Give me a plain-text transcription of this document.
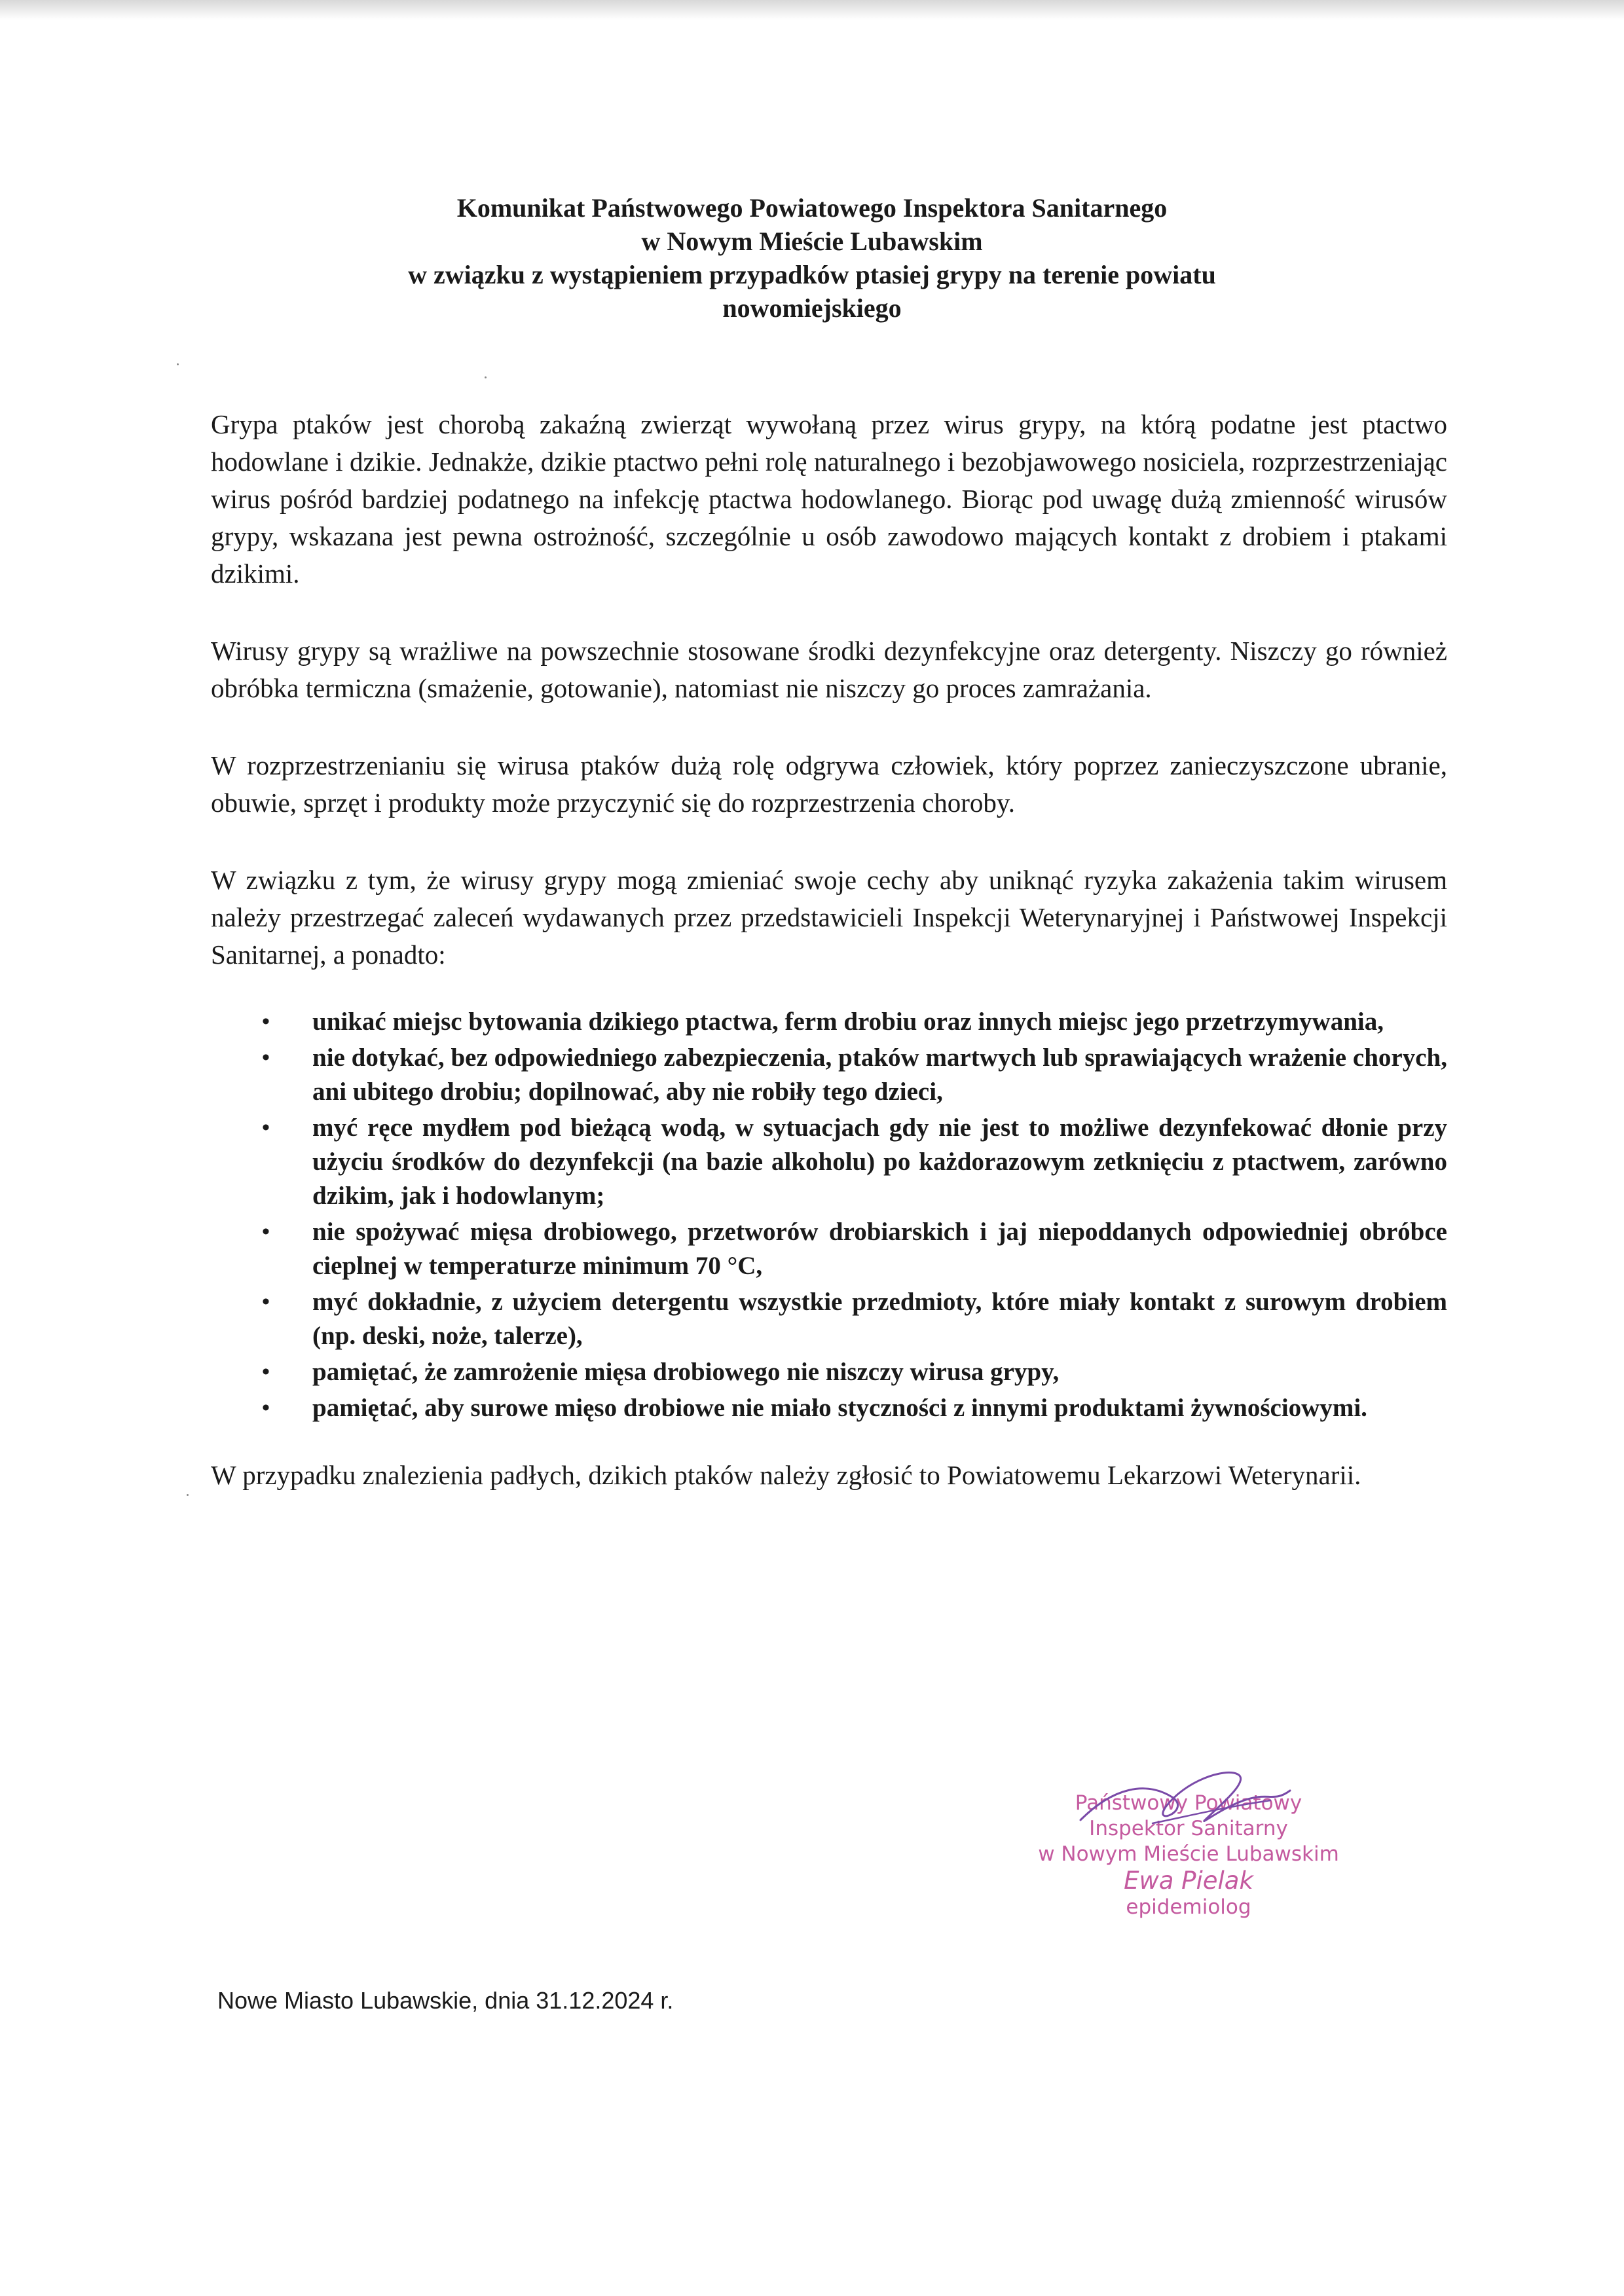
Komunikat Państwowego Powiatowego Inspektora Sanitarnego
w Nowym Mieście Lubawskim
w związku z wystąpieniem przypadków ptasiej grypy na terenie powiatu
nowomiejskiego

Grypa ptaków jest chorobą zakaźną zwierząt wywołaną przez wirus grypy, na którą podatne jest ptactwo hodowlane i dzikie. Jednakże, dzikie ptactwo pełni rolę naturalnego i bezobjawowego nosiciela, rozprzestrzeniając wirus pośród bardziej podatnego na infekcję ptactwa hodowlanego. Biorąc pod uwagę dużą zmienność wirusów grypy, wskazana jest pewna ostrożność, szczególnie u osób zawodowo mających kontakt z drobiem i ptakami dzikimi.

Wirusy grypy są wrażliwe na powszechnie stosowane środki dezynfekcyjne oraz detergenty. Niszczy go również obróbka termiczna (smażenie, gotowanie), natomiast nie niszczy go proces zamrażania.

W rozprzestrzenianiu się wirusa ptaków dużą rolę odgrywa człowiek, który poprzez zanieczyszczone ubranie, obuwie, sprzęt i produkty może przyczynić się do rozprzestrzenia choroby.

W związku z tym, że wirusy grypy mogą zmieniać swoje cechy aby uniknąć ryzyka zakażenia takim wirusem należy przestrzegać zaleceń wydawanych przez przedstawicieli Inspekcji Weterynaryjnej i Państwowej Inspekcji Sanitarnej, a ponadto:

• unikać miejsc bytowania dzikiego ptactwa, ferm drobiu oraz innych miejsc jego przetrzymywania,
• nie dotykać, bez odpowiedniego zabezpieczenia, ptaków martwych lub sprawiających wrażenie chorych, ani ubitego drobiu; dopilnować, aby nie robiły tego dzieci,
• myć ręce mydłem pod bieżącą wodą, w sytuacjach gdy nie jest to możliwe dezynfekować dłonie przy użyciu środków do dezynfekcji (na bazie alkoholu) po każdorazowym zetknięciu z ptactwem, zarówno dzikim, jak i hodowlanym;
• nie spożywać mięsa drobiowego, przetworów drobiarskich i jaj niepoddanych odpowiedniej obróbce cieplnej w temperaturze minimum 70 °C,
• myć dokładnie, z użyciem detergentu wszystkie przedmioty, które miały kontakt z surowym drobiem (np. deski, noże, talerze),
• pamiętać, że zamrożenie mięsa drobiowego nie niszczy wirusa grypy,
• pamiętać, aby surowe mięso drobiowe nie miało styczności z innymi produktami żywnościowymi.

W przypadku znalezienia padłych, dzikich ptaków należy zgłosić to Powiatowemu Lekarzowi Weterynarii.

Państwowy Powiatowy
Inspektor Sanitarny
w Nowym Mieście Lubawskim
Ewa Pielak
epidemiolog
Nowe Miasto Lubawskie, dnia 31.12.2024 r.
